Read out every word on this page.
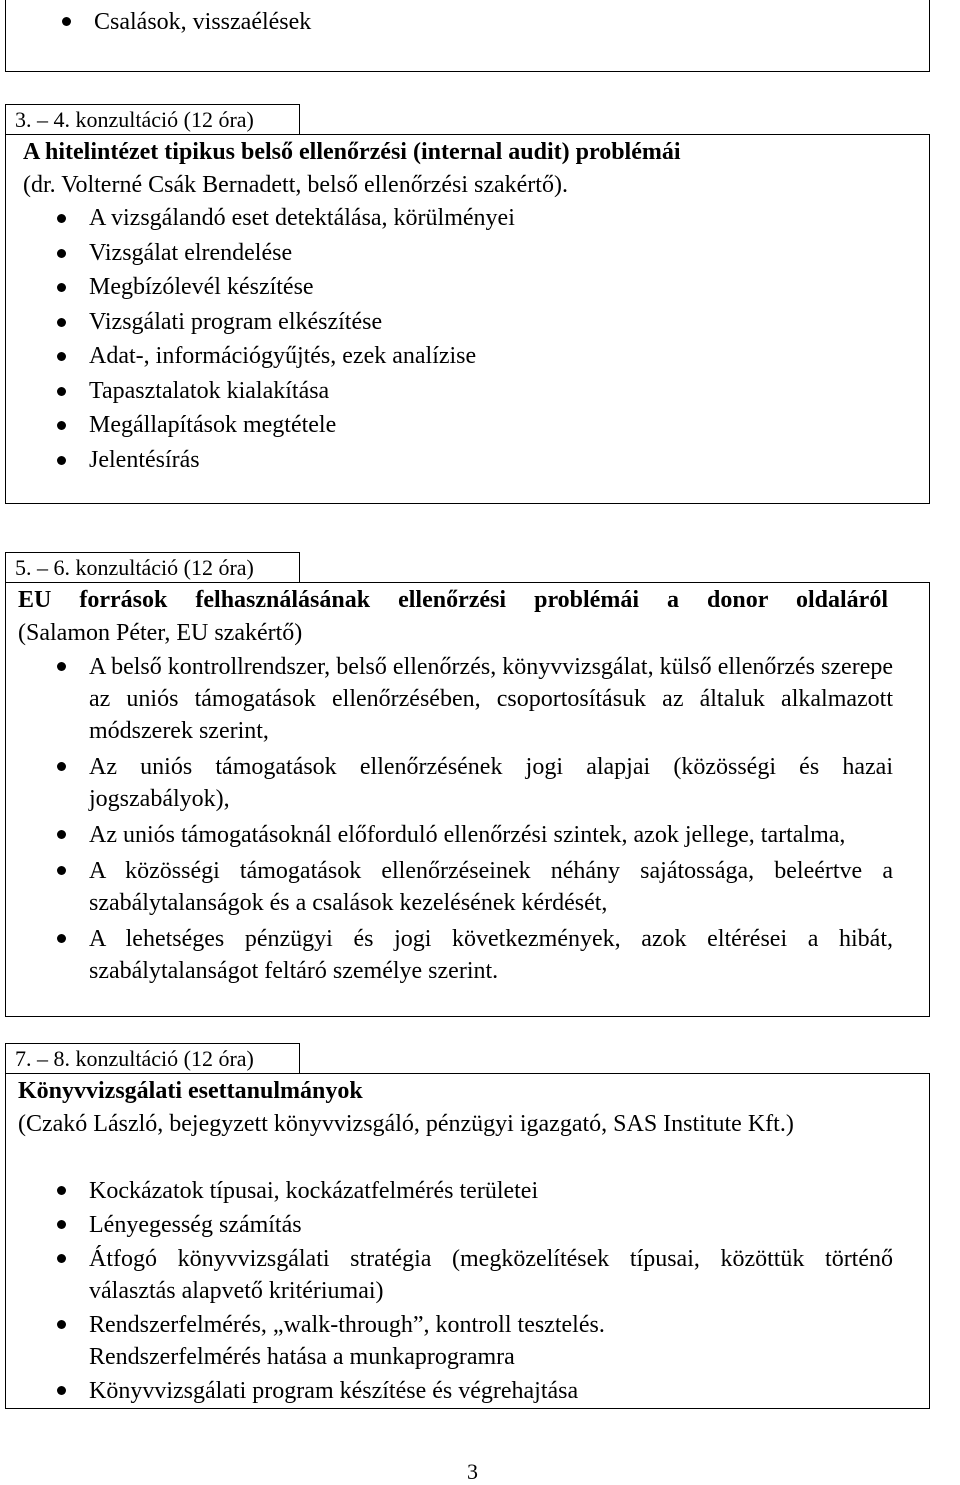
Csalások, visszaélések
3. – 4. konzultáció (12 óra)
A hitelintézet tipikus belső ellenőrzési (internal audit) problémái
(dr. Volterné Csák Bernadett, belső ellenőrzési szakértő).
A vizsgálandó eset detektálása, körülményei
Vizsgálat elrendelése
Megbízólevél készítése
Vizsgálati program elkészítése
Adat-, információgyűjtés, ezek analízise
Tapasztalatok kialakítása
Megállapítások megtétele
Jelentésírás
5. – 6. konzultáció (12 óra)
EU források felhasználásának ellenőrzési problémái a donor oldaláról
(Salamon Péter, EU szakértő)
A belső kontrollrendszer, belső ellenőrzés, könyvvizsgálat, külső ellenőrzés szerepe az uniós támogatások ellenőrzésében, csoportosításuk az általuk alkalmazott módszerek szerint,
Az uniós támogatások ellenőrzésének jogi alapjai (közösségi és hazai jogszabályok),
Az uniós támogatásoknál előforduló ellenőrzési szintek, azok jellege, tartalma,
A közösségi támogatások ellenőrzéseinek néhány sajátossága, beleértve a szabálytalanságok és a csalások kezelésének kérdését,
A lehetséges pénzügyi és jogi következmények, azok eltérései a hibát, szabálytalanságot feltáró személye szerint.
7. – 8. konzultáció (12 óra)
Könyvvizsgálati esettanulmányok
(Czakó László, bejegyzett könyvvizsgáló, pénzügyi igazgató, SAS Institute Kft.)
Kockázatok típusai, kockázatfelmérés területei
Lényegesség számítás
Átfogó könyvvizsgálati stratégia (megközelítések típusai, közöttük történő választás alapvető kritériumai)
Rendszerfelmérés, „walk-through”, kontroll tesztelés. Rendszerfelmérés hatása a munkaprogramra
Könyvvizsgálati program készítése és végrehajtása
3
